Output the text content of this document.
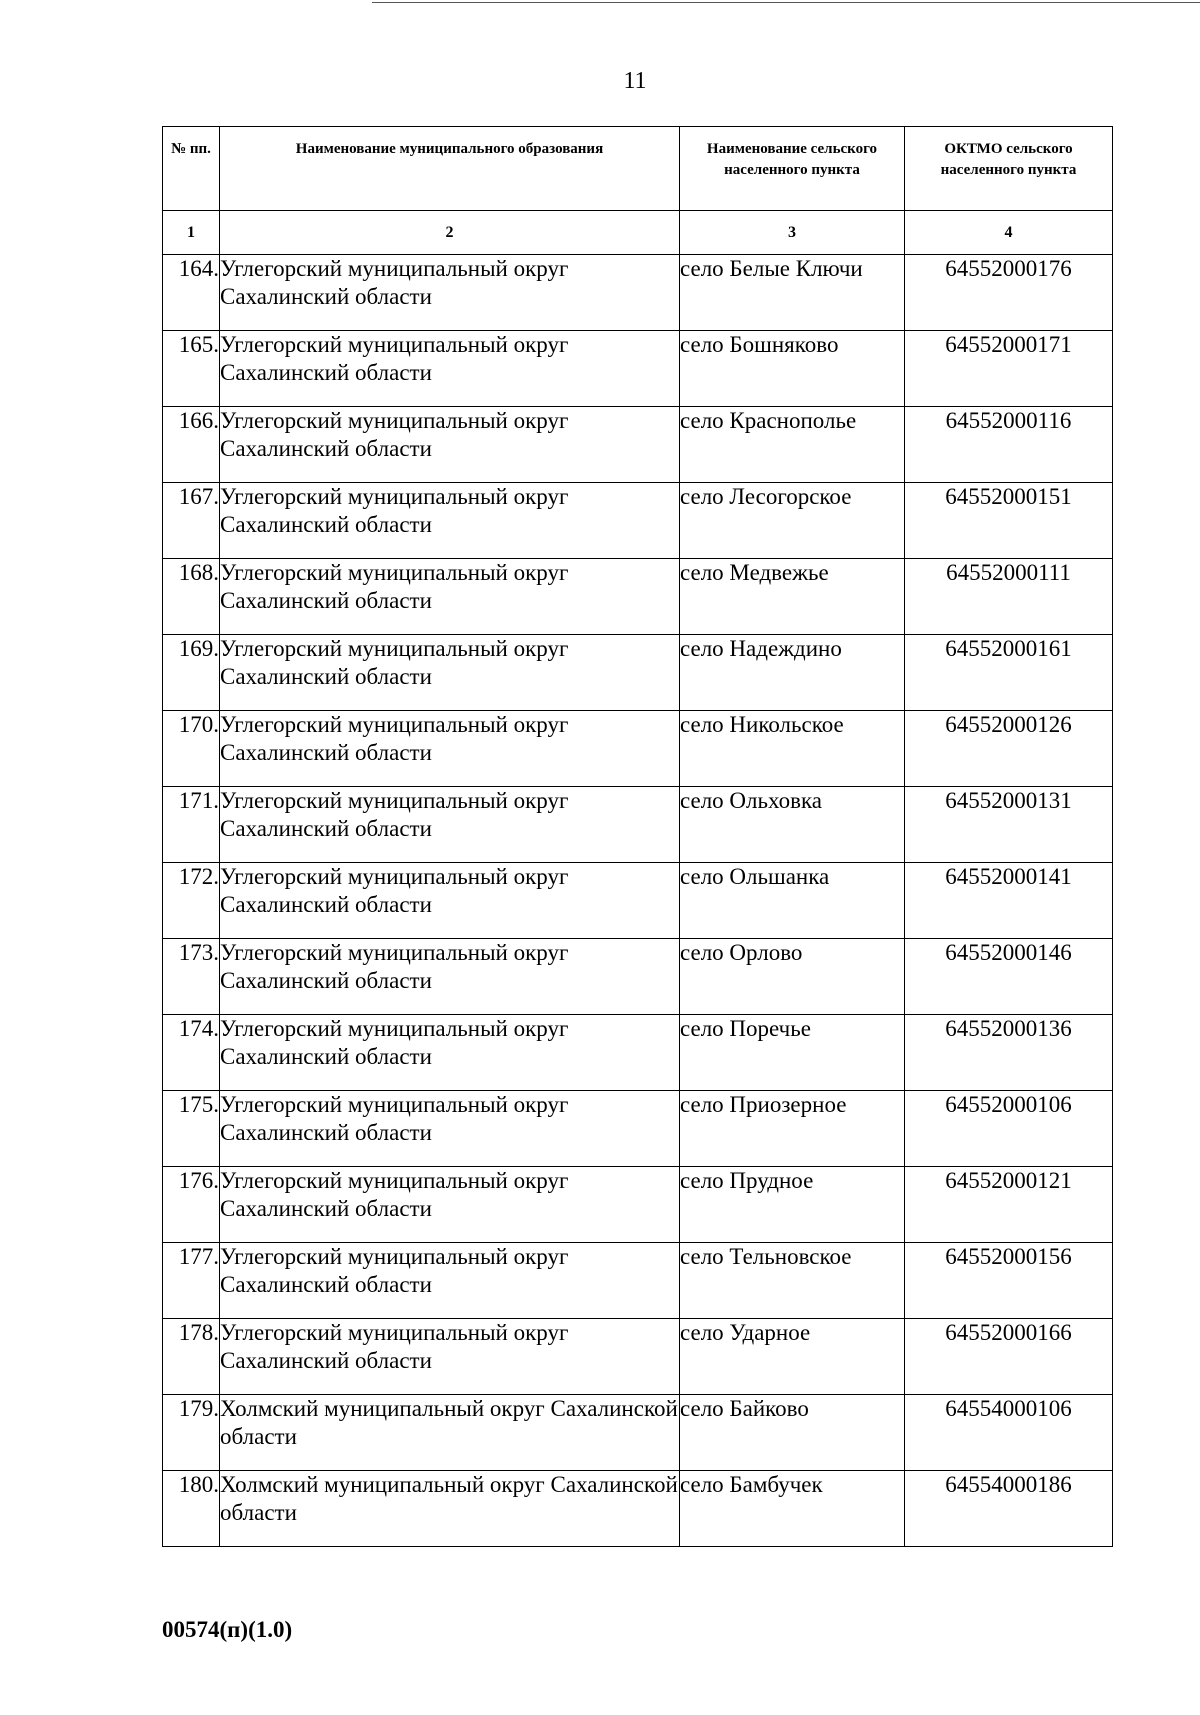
11
№ пп.	Наименование муниципального образования	Наименование сельского населенного пункта	ОКТМО сельского населенного пункта
1	2	3	4
164.	Углегорский муниципальный округ Сахалинский области	село Белые Ключи	64552000176
165.	Углегорский муниципальный округ Сахалинский области	село Бошняково	64552000171
166.	Углегорский муниципальный округ Сахалинский области	село Краснополье	64552000116
167.	Углегорский муниципальный округ Сахалинский области	село Лесогорское	64552000151
168.	Углегорский муниципальный округ Сахалинский области	село Медвежье	64552000111
169.	Углегорский муниципальный округ Сахалинский области	село Надеждино	64552000161
170.	Углегорский муниципальный округ Сахалинский области	село Никольское	64552000126
171.	Углегорский муниципальный округ Сахалинский области	село Ольховка	64552000131
172.	Углегорский муниципальный округ Сахалинский области	село Ольшанка	64552000141
173.	Углегорский муниципальный округ Сахалинский области	село Орлово	64552000146
174.	Углегорский муниципальный округ Сахалинский области	село Поречье	64552000136
175.	Углегорский муниципальный округ Сахалинский области	село Приозерное	64552000106
176.	Углегорский муниципальный округ Сахалинский области	село Прудное	64552000121
177.	Углегорский муниципальный округ Сахалинский области	село Тельновское	64552000156
178.	Углегорский муниципальный округ Сахалинский области	село Ударное	64552000166
179.	Холмский муниципальный округ Сахалинской области	село Байково	64554000106
180.	Холмский муниципальный округ Сахалинской области	село Бамбучек	64554000186
00574(п)(1.0)
